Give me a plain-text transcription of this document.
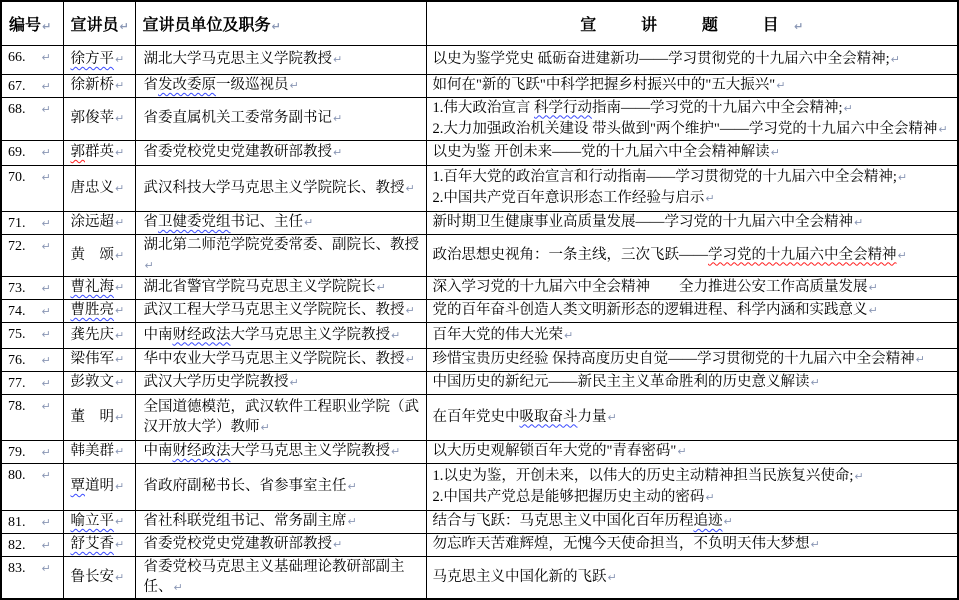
编号↵	宣讲员↵	宣讲员单位及职务↵	宣　讲　题　目↵
66. ↵	徐方平↵	湖北大学马克思主义学院教授↵	以史为鉴学党史 砥砺奋进建新功——学习贯彻党的十九届六中全会精神;↵

67. ↵	徐新桥↵	省发改委原一级巡视员↵	如何在"新的飞跃"中科学把握乡村振兴中的"五大振兴"↵

68. ↵	郭俊苹↵	省委直属机关工委常务副书记↵	1.伟大政治宣言 科学行动指南——学习党的十九届六中全会精神;↵
2.大力加强政治机关建设 带头做到"两个维护"——学习党的十九届六中全会精神↵

69. ↵	郭群英↵	省委党校党史党建教研部教授↵	以史为鉴 开创未来——党的十九届六中全会精神解读↵

70. ↵	唐忠义↵	武汉科技大学马克思主义学院院长、教授↵	1.百年大党的政治宣言和行动指南——学习贯彻党的十九届六中全会精神;↵
2.中国共产党百年意识形态工作经验与启示↵

71. ↵	涂远超↵	省卫健委党组书记、主任↵	新时期卫生健康事业高质量发展——学习党的十九届六中全会精神↵

72. ↵	黄　颂↵	湖北第二师范学院党委常委、副院长、教授↵	政治思想史视角：一条主线，三次飞跃——学习党的十九届六中全会精神↵

73. ↵	曹礼海↵	湖北省警官学院马克思主义学院院长↵	深入学习党的十九届六中全会精神　　全力推进公安工作高质量发展↵

74. ↵	曹胜亮↵	武汉工程大学马克思主义学院院长、教授↵	党的百年奋斗创造人类文明新形态的逻辑进程、科学内涵和实践意义↵

75. ↵	龚先庆↵	中南财经政法大学马克思主义学院教授↵	百年大党的伟大光荣↵

76. ↵	梁伟军↵	华中农业大学马克思主义学院院长、教授↵	珍惜宝贵历史经验 保持高度历史自觉——学习贯彻党的十九届六中全会精神↵

77. ↵	彭敦文↵	武汉大学历史学院教授↵	中国历史的新纪元——新民主主义革命胜利的历史意义解读↵

78. ↵	董　明↵	全国道德模范，武汉软件工程职业学院（武汉开放大学）教师↵	在百年党史中吸取奋斗力量↵

79. ↵	韩美群↵	中南财经政法大学马克思主义学院教授↵	以大历史观解锁百年大党的"青春密码"↵

80. ↵	覃道明↵	省政府副秘书长、省参事室主任↵	1.以史为鉴，开创未来，以伟大的历史主动精神担当民族复兴使命;↵
2.中国共产党总是能够把握历史主动的密码↵

81. ↵	喻立平↵	省社科联党组书记、常务副主席↵	结合与飞跃：马克思主义中国化百年历程追迹↵

82. ↵	舒艾香↵	省委党校党史党建教研部教授↵	勿忘昨天苦难辉煌，无愧今天使命担当，不负明天伟大梦想↵

83. ↵	鲁长安↵	省委党校马克思主义基础理论教研部副主任、↵	马克思主义中国化新的飞跃↵
